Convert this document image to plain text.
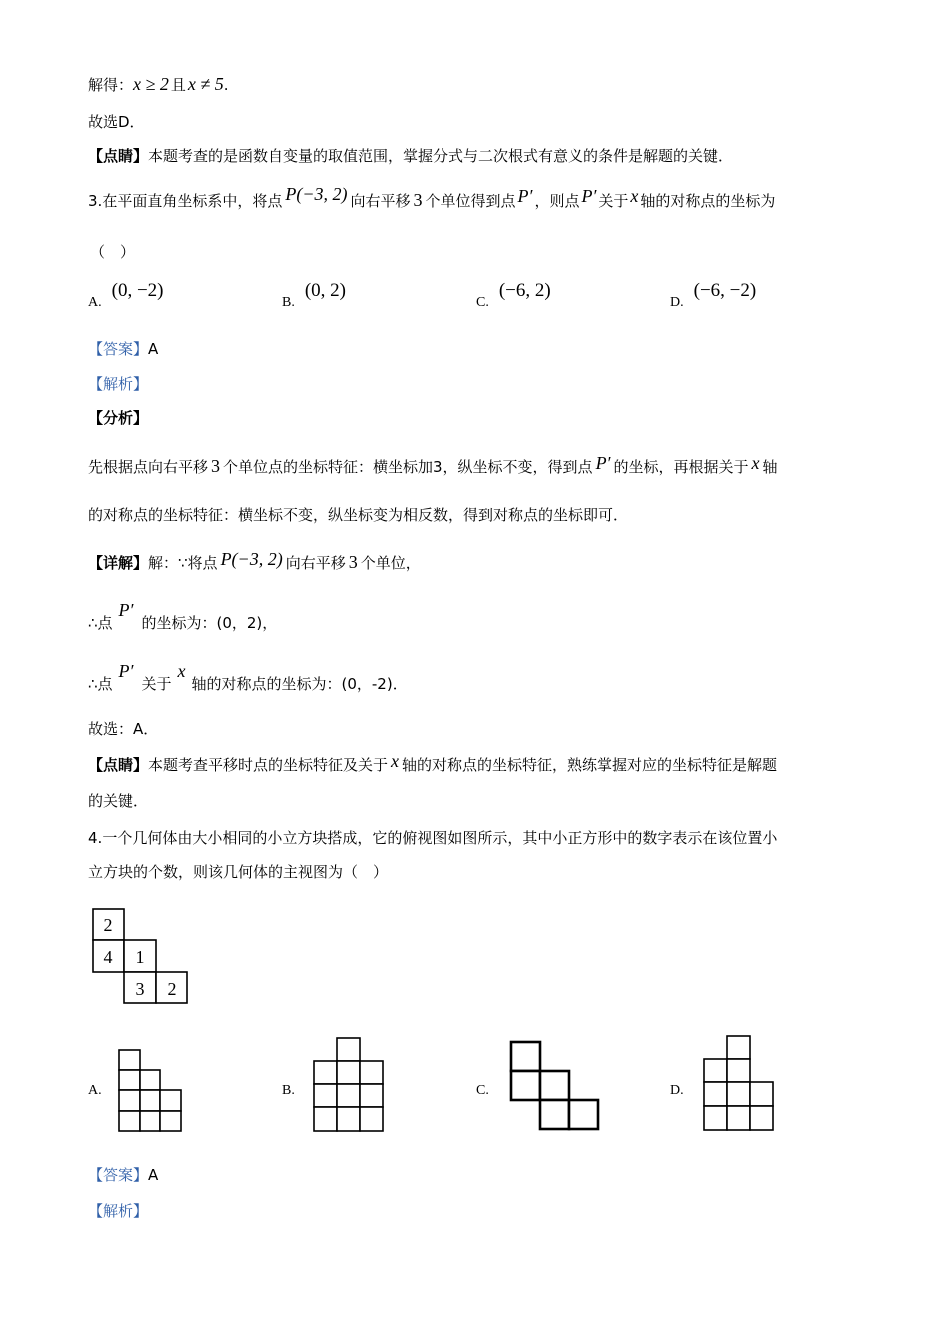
解得：x ≥ 2 且 x ≠ 5.
故选D．
【点睛】本题考查的是函数自变量的取值范围，掌握分式与二次根式有意义的条件是解题的关键．
3.在平面直角坐标系中，将点 P(−3, 2) 向右平移 3 个单位得到点 P′ ，则点 P′ 关于 x 轴的对称点的坐标为
（　）
A.(0, −2)
B.(0, 2)
C.(−6, 2)
D.(−6, −2)
【答案】A
【解析】
【分析】
先根据点向右平移 3 个单位点的坐标特征：横坐标加3，纵坐标不变，得到点 P′ 的坐标，再根据关于 x 轴
的对称点的坐标特征：横坐标不变，纵坐标变为相反数，得到对称点的坐标即可．
【详解】解：∵将点 P(−3, 2) 向右平移 3 个单位，
∴点P′的坐标为：(0，2)，
∴点P′关于x轴的对称点的坐标为：(0，-2)．
故选：A．
【点睛】本题考查平移时点的坐标特征及关于 x 轴的对称点的坐标特征，熟练掌握对应的坐标特征是解题
的关键．
4.一个几何体由大小相同的小立方块搭成，它的俯视图如图所示，其中小正方形中的数字表示在该位置小
立方块的个数，则该几何体的主视图为（　）
2
4 1
3 2
A.	B.	C.	D.
【答案】A
【解析】
